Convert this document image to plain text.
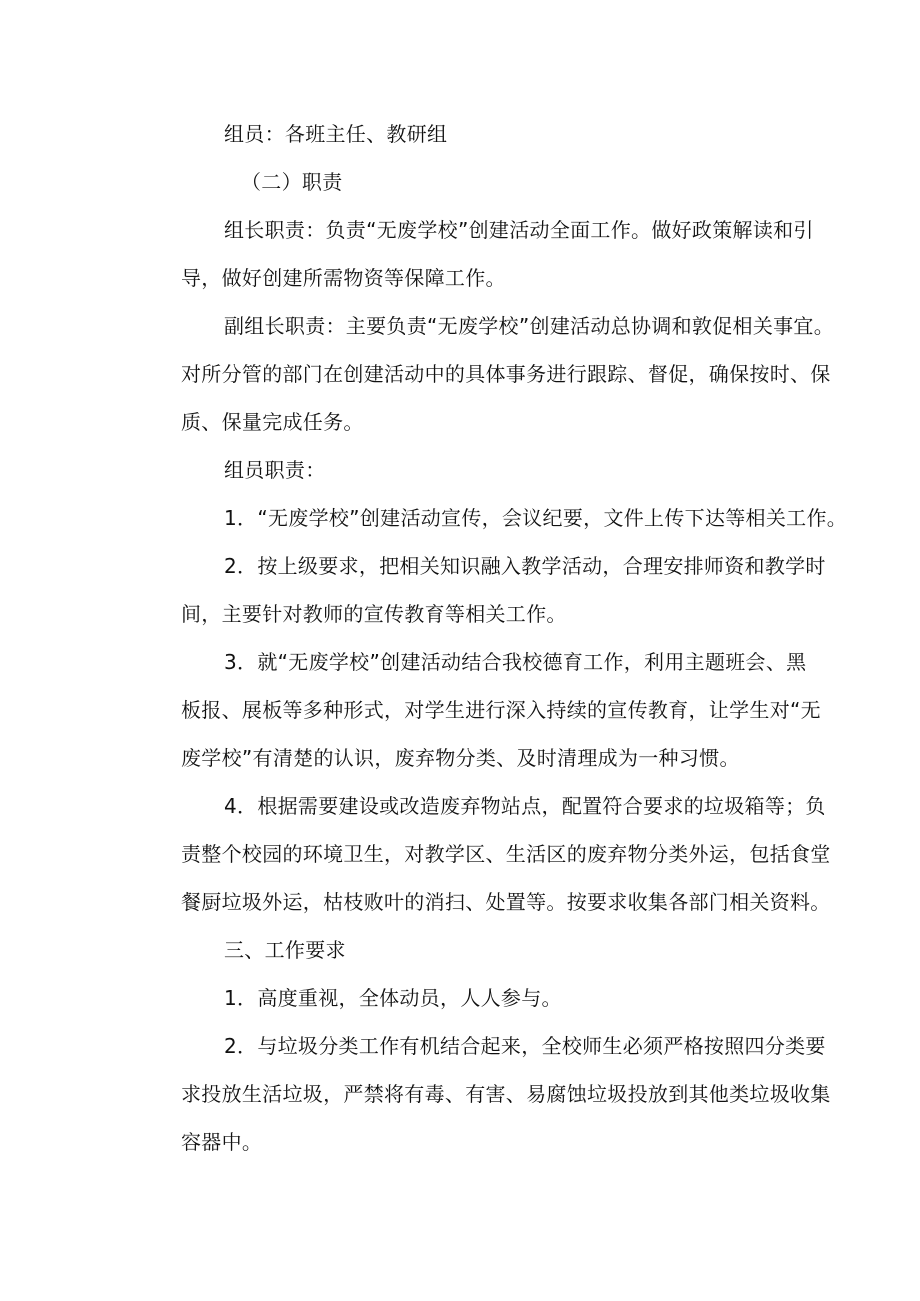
组员：各班主任、教研组

（二）职责

组长职责：负责“无废学校”创建活动全面工作。做好政策解读和引
导，做好创建所需物资等保障工作。

副组长职责：主要负责“无废学校”创建活动总协调和敦促相关事宜。
对所分管的部门在创建活动中的具体事务进行跟踪、督促，确保按时、保
质、保量完成任务。

组员职责：

1．“无废学校”创建活动宣传，会议纪要，文件上传下达等相关工作。

2．按上级要求，把相关知识融入教学活动，合理安排师资和教学时
间，主要针对教师的宣传教育等相关工作。

3．就“无废学校”创建活动结合我校德育工作，利用主题班会、黑
板报、展板等多种形式，对学生进行深入持续的宣传教育，让学生对“无
废学校”有清楚的认识，废弃物分类、及时清理成为一种习惯。

4．根据需要建设或改造废弃物站点，配置符合要求的垃圾箱等；负
责整个校园的环境卫生，对教学区、生活区的废弃物分类外运，包括食堂
餐厨垃圾外运，枯枝败叶的消扫、处置等。按要求收集各部门相关资料。

三、工作要求

1．高度重视，全体动员，人人参与。

2．与垃圾分类工作有机结合起来，全校师生必须严格按照四分类要
求投放生活垃圾，严禁将有毒、有害、易腐蚀垃圾投放到其他类垃圾收集
容器中。
